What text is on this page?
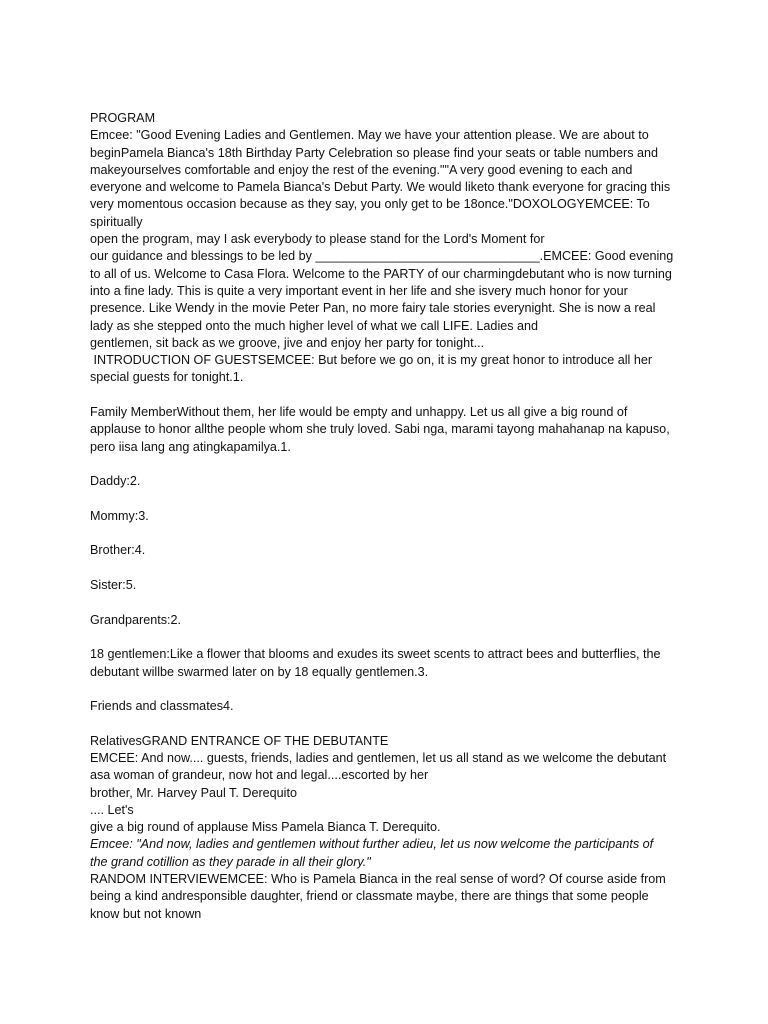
PROGRAM
Emcee: "Good Evening Ladies and Gentlemen. May we have your attention please. We are about to
beginPamela Bianca's 18th Birthday Party Celebration so please find your seats or table numbers and
makeyourselves comfortable and enjoy the rest of the evening.""A very good evening to each and
everyone and welcome to Pamela Bianca's Debut Party. We would liketo thank everyone for gracing this
very momentous occasion because as they say, you only get to be 18once."DOXOLOGYEMCEE: To
spiritually
open the program, may I ask everybody to please stand for the Lord's Moment for
our guidance and blessings to be led by ________________________________.EMCEE: Good evening
to all of us. Welcome to Casa Flora. Welcome to the PARTY of our charmingdebutant who is now turning
into a fine lady. This is quite a very important event in her life and she isvery much honor for your
presence. Like Wendy in the movie Peter Pan, no more fairy tale stories everynight. She is now a real
lady as she stepped onto the much higher level of what we call LIFE. Ladies and
gentlemen, sit back as we groove, jive and enjoy her party for tonight...
INTRODUCTION OF GUESTSEMCEE: But before we go on, it is my great honor to introduce all her
special guests for tonight.1.
Family MemberWithout them, her life would be empty and unhappy. Let us all give a big round of
applause to honor allthe people whom she truly loved. Sabi nga, marami tayong mahahanap na kapuso,
pero iisa lang ang atingkapamilya.1.
Daddy:2.
Mommy:3.
Brother:4.
Sister:5.
Grandparents:2.
18 gentlemen:Like a flower that blooms and exudes its sweet scents to attract bees and butterflies, the
debutant willbe swarmed later on by 18 equally gentlemen.3.
Friends and classmates4.
RelativesGRAND ENTRANCE OF THE DEBUTANTE
EMCEE: And now.... guests, friends, ladies and gentlemen, let us all stand as we welcome the debutant
asa woman of grandeur, now hot and legal....escorted by her
brother, Mr. Harvey Paul T. Derequito
.... Let's
give a big round of applause Miss Pamela Bianca T. Derequito.
Emcee: "And now, ladies and gentlemen without further adieu, let us now welcome the participants of
the grand cotillion as they parade in all their glory."
RANDOM INTERVIEWEMCEE: Who is Pamela Bianca in the real sense of word? Of course aside from
being a kind andresponsible daughter, friend or classmate maybe, there are things that some people
know but not known
